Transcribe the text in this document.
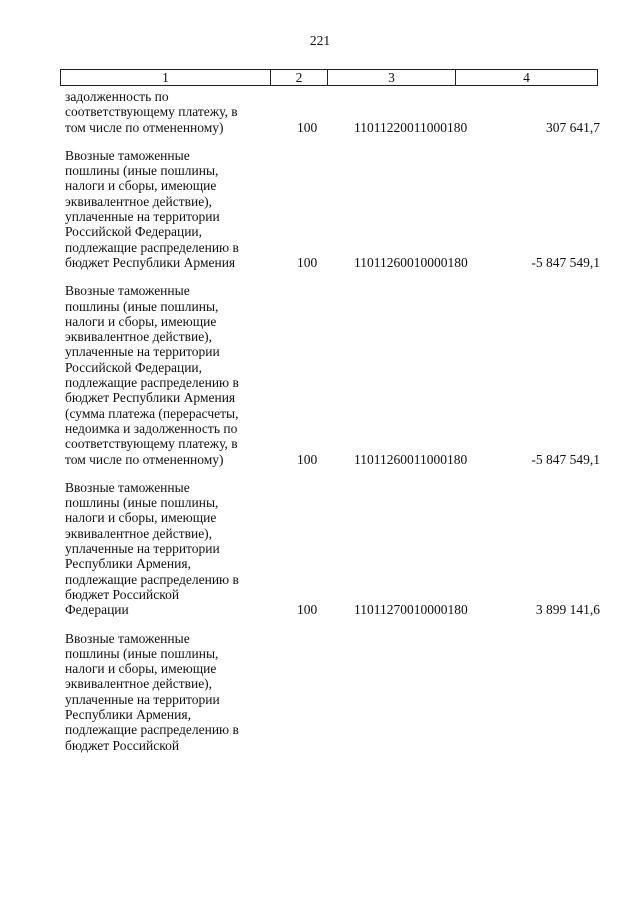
221
1	2	3	4
задолженность по
соответствующему платежу, в
том числе по отмененному)	100	11011220011000180	307 641,7
Ввозные таможенные
пошлины (иные пошлины,
налоги и сборы, имеющие
эквивалентное действие),
уплаченные на территории
Российской Федерации,
подлежащие распределению в
бюджет Республики Армения	100	11011260010000180	-5 847 549,1
Ввозные таможенные
пошлины (иные пошлины,
налоги и сборы, имеющие
эквивалентное действие),
уплаченные на территории
Российской Федерации,
подлежащие распределению в
бюджет Республики Армения
(сумма платежа (перерасчеты,
недоимка и задолженность по
соответствующему платежу, в
том числе по отмененному)	100	11011260011000180	-5 847 549,1
Ввозные таможенные
пошлины (иные пошлины,
налоги и сборы, имеющие
эквивалентное действие),
уплаченные на территории
Республики Армения,
подлежащие распределению в
бюджет Российской
Федерации	100	11011270010000180	3 899 141,6
Ввозные таможенные
пошлины (иные пошлины,
налоги и сборы, имеющие
эквивалентное действие),
уплаченные на территории
Республики Армения,
подлежащие распределению в
бюджет Российской
